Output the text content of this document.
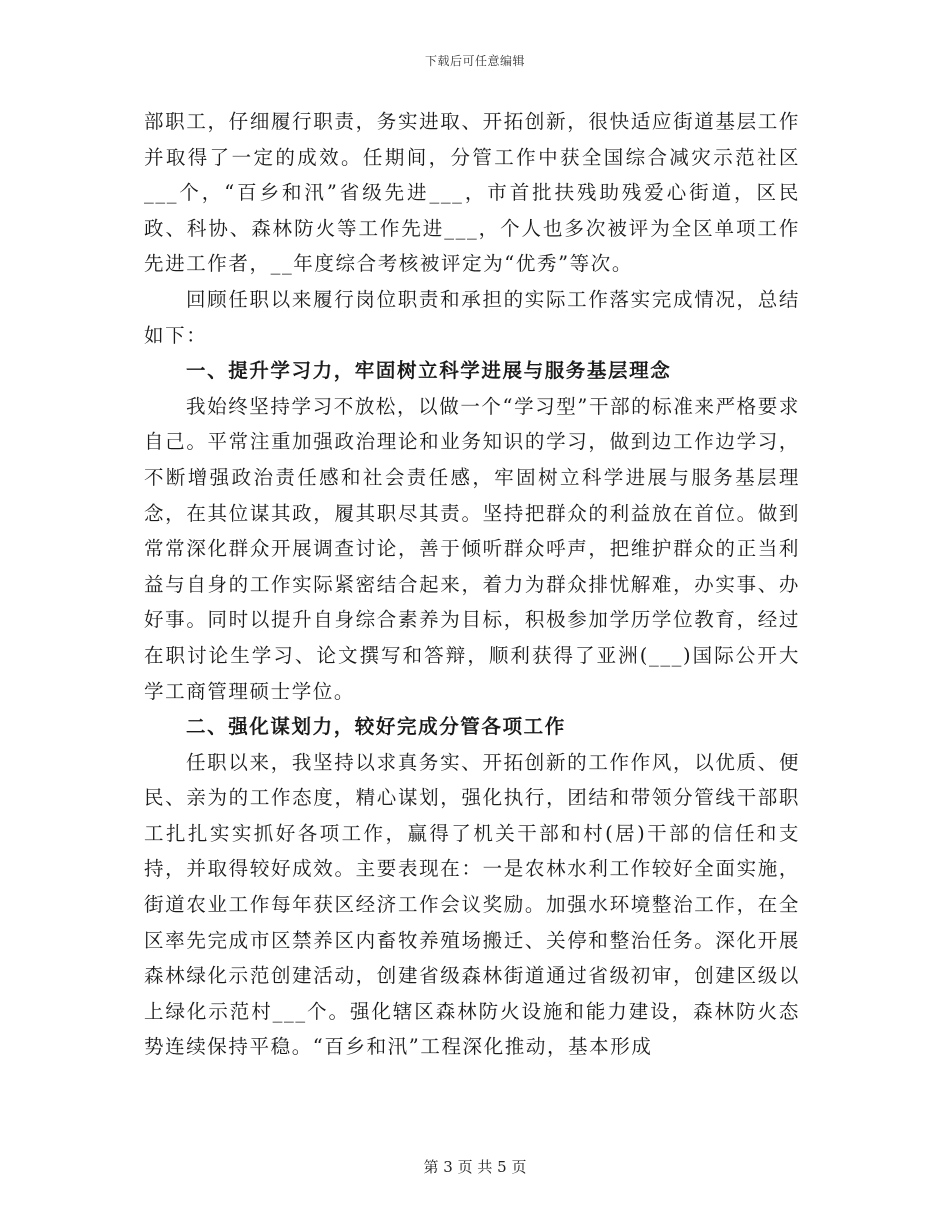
下载后可任意编辑

部职工，仔细履行职责，务实进取、开拓创新，很快适应街道基层工作并取得了一定的成效。任期间，分管工作中获全国综合减灾示范社区___个，“百乡和汛”省级先进___，市首批扶残助残爱心街道，区民政、科协、森林防火等工作先进___，个人也多次被评为全区单项工作先进工作者，__年度综合考核被评定为“优秀”等次。

回顾任职以来履行岗位职责和承担的实际工作落实完成情况，总结如下：

一、提升学习力，牢固树立科学进展与服务基层理念

我始终坚持学习不放松，以做一个“学习型”干部的标准来严格要求自己。平常注重加强政治理论和业务知识的学习，做到边工作边学习，不断增强政治责任感和社会责任感，牢固树立科学进展与服务基层理念，在其位谋其政，履其职尽其责。坚持把群众的利益放在首位。做到常常深化群众开展调查讨论，善于倾听群众呼声，把维护群众的正当利益与自身的工作实际紧密结合起来，着力为群众排忧解难，办实事、办好事。同时以提升自身综合素养为目标，积极参加学历学位教育，经过在职讨论生学习、论文撰写和答辩，顺利获得了亚洲(___)国际公开大学工商管理硕士学位。

二、强化谋划力，较好完成分管各项工作

任职以来，我坚持以求真务实、开拓创新的工作作风，以优质、便民、亲为的工作态度，精心谋划，强化执行，团结和带领分管线干部职工扎扎实实抓好各项工作，赢得了机关干部和村(居)干部的信任和支持，并取得较好成效。主要表现在：一是农林水利工作较好全面实施，街道农业工作每年获区经济工作会议奖励。加强水环境整治工作，在全区率先完成市区禁养区内畜牧养殖场搬迁、关停和整治任务。深化开展森林绿化示范创建活动，创建省级森林街道通过省级初审，创建区级以上绿化示范村___个。强化辖区森林防火设施和能力建设，森林防火态势连续保持平稳。“百乡和汛”工程深化推动，基本形成

第 3 页 共 5 页
